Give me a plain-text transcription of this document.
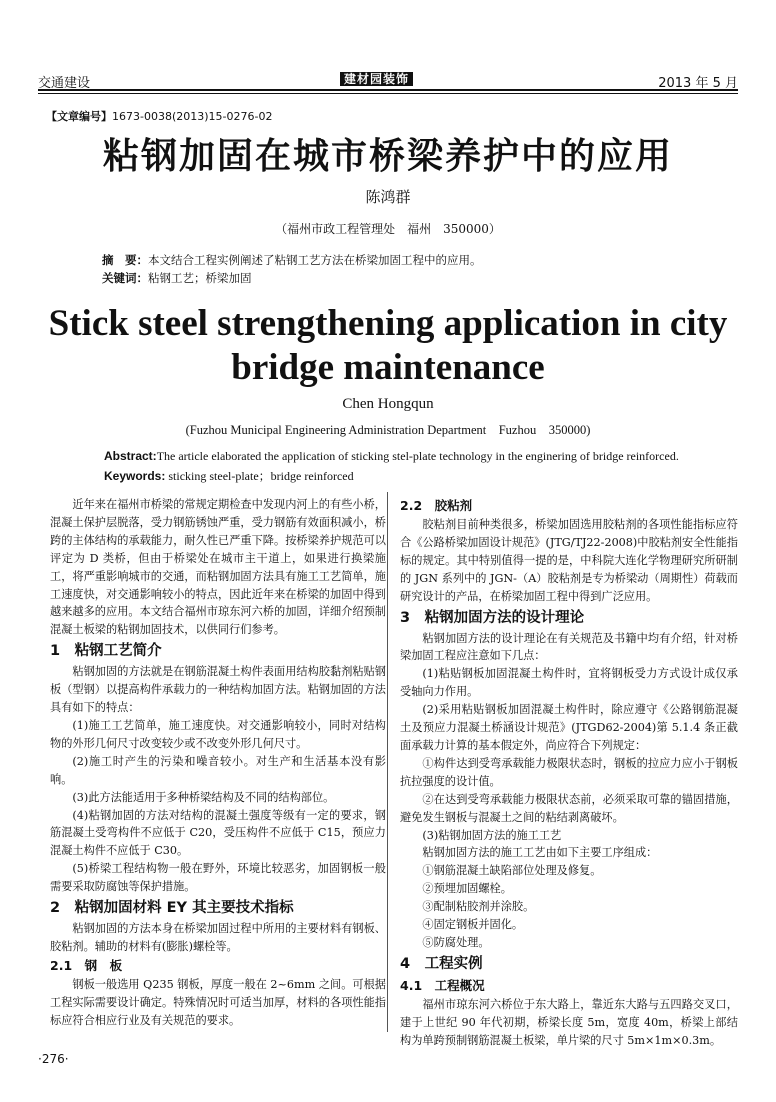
交通建设	建材园装饰	2013 年 5 月
【文章编号】1673-0038(2013)15-0276-02
粘钢加固在城市桥梁养护中的应用
陈鸿群
（福州市政工程管理处　福州　350000）
摘　要：本文结合工程实例阐述了粘钢工艺方法在桥梁加固工程中的应用。
关键词：粘钢工艺；桥梁加固
Stick steel strengthening application in city
bridge maintenance
Chen Hongqun
(Fuzhou Municipal Engineering Administration Department　Fuzhou　350000)
Abstract:The article elaborated the application of sticking stel-plate technology in the enginering of bridge reinforced.
Keywords: sticking steel-plate；bridge reinforced

近年来在福州市桥梁的常规定期检查中发现内河上的有些小桥，混凝土保护层脱落，受力钢筋锈蚀严重，受力钢筋有效面积减小，桥跨的主体结构的承载能力，耐久性已严重下降。按桥梁养护规范可以评定为 D 类桥，但由于桥梁处在城市主干道上，如果进行换梁施工，将严重影响城市的交通，而粘钢加固方法具有施工工艺简单，施工速度快，对交通影响较小的特点，因此近年来在桥梁的加固中得到越来越多的应用。本文结合福州市琼东河六桥的加固，详细介绍预制混凝土板梁的粘钢加固技术，以供同行们参考。

1　粘钢工艺简介

粘钢加固的方法就是在钢筋混凝土构件表面用结构胶黏剂粘贴钢板（型钢）以提高构件承载力的一种结构加固方法。粘钢加固的方法具有如下的特点：

(1)施工工艺简单，施工速度快。对交通影响较小，同时对结构物的外形几何尺寸改变较少或不改变外形几何尺寸。

(2)施工时产生的污染和噪音较小。对生产和生活基本没有影响。

(3)此方法能适用于多种桥梁结构及不同的结构部位。

(4)粘钢加固的方法对结构的混凝土强度等级有一定的要求，钢筋混凝土受弯构件不应低于 C20，受压构件不应低于 C15，预应力混凝土构件不应低于 C30。

(5)桥梁工程结构物一般在野外，环境比较恶劣，加固钢板一般需要采取防腐蚀等保护措施。

2　粘钢加固材料 EY 其主要技术指标

粘钢加固的方法本身在桥梁加固过程中所用的主要材料有钢板、胶粘剂。辅助的材料有(膨胀)螺栓等。

2.1　钢　板

钢板一般选用 Q235 钢板，厚度一般在 2~6mm 之间。可根据工程实际需要设计确定。特殊情况时可适当加厚，材料的各项性能指标应符合相应行业及有关规范的要求。

2.2　胶粘剂

胶粘剂目前种类很多，桥梁加固选用胶粘剂的各项性能指标应符合《公路桥梁加固设计规范》(JTG/TJ22-2008)中胶粘剂安全性能指标的规定。其中特别值得一提的是，中科院大连化学物理研究所研制的 JGN 系列中的 JGN-（A）胶粘剂是专为桥梁动（周期性）荷载而研究设计的产品，在桥梁加固工程中得到广泛应用。

3　粘钢加固方法的设计理论

粘钢加固方法的设计理论在有关规范及书籍中均有介绍，针对桥梁加固工程应注意如下几点：

(1)粘贴钢板加固混凝土构件时，宜将钢板受力方式设计成仅承受轴向力作用。

(2)采用粘贴钢板加固混凝土构件时，除应遵守《公路钢筋混凝土及预应力混凝土桥涵设计规范》(JTGD62-2004)第 5.1.4 条正截面承载力计算的基本假定外，尚应符合下列规定：

①构件达到受弯承载能力极限状态时，钢板的拉应力应小于钢板抗拉强度的设计值。

②在达到受弯承载能力极限状态前，必须采取可靠的锚固措施，避免发生钢板与混凝土之间的粘结剥离破坏。

(3)粘钢加固方法的施工工艺

粘钢加固方法的施工工艺由如下主要工序组成：

①钢筋混凝土缺陷部位处理及修复。

②预埋加固螺栓。

③配制粘胶剂并涂胶。

④固定钢板并固化。

⑤防腐处理。

4　工程实例
4.1　工程概况

福州市琼东河六桥位于东大路上，靠近东大路与五四路交叉口，建于上世纪 90 年代初期，桥梁长度 5m，宽度 40m，桥梁上部结构为单跨预制钢筋混凝土板梁，单片梁的尺寸 5m×1m×0.3m。

·276·
